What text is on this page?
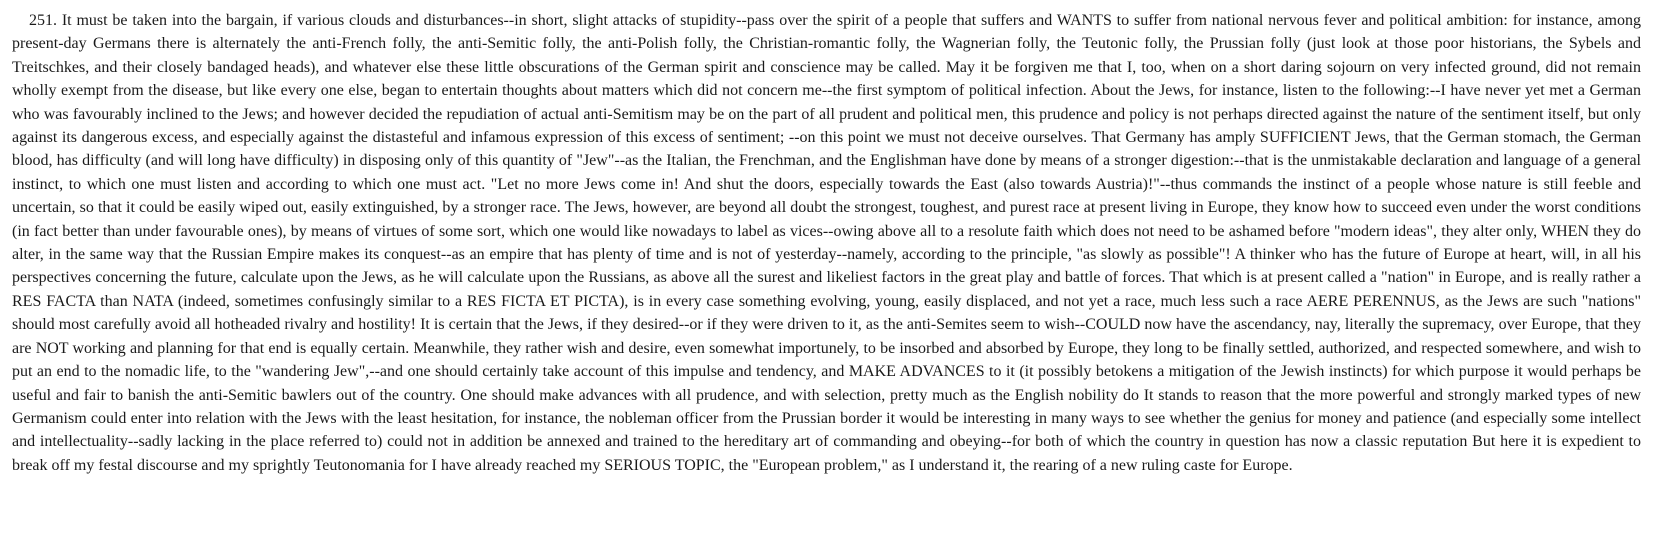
251. It must be taken into the bargain, if various clouds and disturbances--in short, slight attacks of stupidity--pass over the spirit of a people that suffers and WANTS to suffer from national nervous fever and political ambition: for instance, among present-day Germans there is alternately the anti-French folly, the anti-Semitic folly, the anti-Polish folly, the Christian-romantic folly, the Wagnerian folly, the Teutonic folly, the Prussian folly (just look at those poor historians, the Sybels and Treitschkes, and their closely bandaged heads), and whatever else these little obscurations of the German spirit and conscience may be called. May it be forgiven me that I, too, when on a short daring sojourn on very infected ground, did not remain wholly exempt from the disease, but like every one else, began to entertain thoughts about matters which did not concern me--the first symptom of political infection. About the Jews, for instance, listen to the following:--I have never yet met a German who was favourably inclined to the Jews; and however decided the repudiation of actual anti-Semitism may be on the part of all prudent and political men, this prudence and policy is not perhaps directed against the nature of the sentiment itself, but only against its dangerous excess, and especially against the distasteful and infamous expression of this excess of sentiment; --on this point we must not deceive ourselves. That Germany has amply SUFFICIENT Jews, that the German stomach, the German blood, has difficulty (and will long have difficulty) in disposing only of this quantity of "Jew"--as the Italian, the Frenchman, and the Englishman have done by means of a stronger digestion:--that is the unmistakable declaration and language of a general instinct, to which one must listen and according to which one must act. "Let no more Jews come in! And shut the doors, especially towards the East (also towards Austria)!"--thus commands the instinct of a people whose nature is still feeble and uncertain, so that it could be easily wiped out, easily extinguished, by a stronger race. The Jews, however, are beyond all doubt the strongest, toughest, and purest race at present living in Europe, they know how to succeed even under the worst conditions (in fact better than under favourable ones), by means of virtues of some sort, which one would like nowadays to label as vices--owing above all to a resolute faith which does not need to be ashamed before "modern ideas", they alter only, WHEN they do alter, in the same way that the Russian Empire makes its conquest--as an empire that has plenty of time and is not of yesterday--namely, according to the principle, "as slowly as possible"! A thinker who has the future of Europe at heart, will, in all his perspectives concerning the future, calculate upon the Jews, as he will calculate upon the Russians, as above all the surest and likeliest factors in the great play and battle of forces. That which is at present called a "nation" in Europe, and is really rather a RES FACTA than NATA (indeed, sometimes confusingly similar to a RES FICTA ET PICTA), is in every case something evolving, young, easily displaced, and not yet a race, much less such a race AERE PERENNUS, as the Jews are such "nations" should most carefully avoid all hotheaded rivalry and hostility! It is certain that the Jews, if they desired--or if they were driven to it, as the anti-Semites seem to wish--COULD now have the ascendancy, nay, literally the supremacy, over Europe, that they are NOT working and planning for that end is equally certain. Meanwhile, they rather wish and desire, even somewhat importunely, to be insorbed and absorbed by Europe, they long to be finally settled, authorized, and respected somewhere, and wish to put an end to the nomadic life, to the "wandering Jew",--and one should certainly take account of this impulse and tendency, and MAKE ADVANCES to it (it possibly betokens a mitigation of the Jewish instincts) for which purpose it would perhaps be useful and fair to banish the anti-Semitic bawlers out of the country. One should make advances with all prudence, and with selection, pretty much as the English nobility do It stands to reason that the more powerful and strongly marked types of new Germanism could enter into relation with the Jews with the least hesitation, for instance, the nobleman officer from the Prussian border it would be interesting in many ways to see whether the genius for money and patience (and especially some intellect and intellectuality--sadly lacking in the place referred to) could not in addition be annexed and trained to the hereditary art of commanding and obeying--for both of which the country in question has now a classic reputation But here it is expedient to break off my festal discourse and my sprightly Teutonomania for I have already reached my SERIOUS TOPIC, the "European problem," as I understand it, the rearing of a new ruling caste for Europe.
